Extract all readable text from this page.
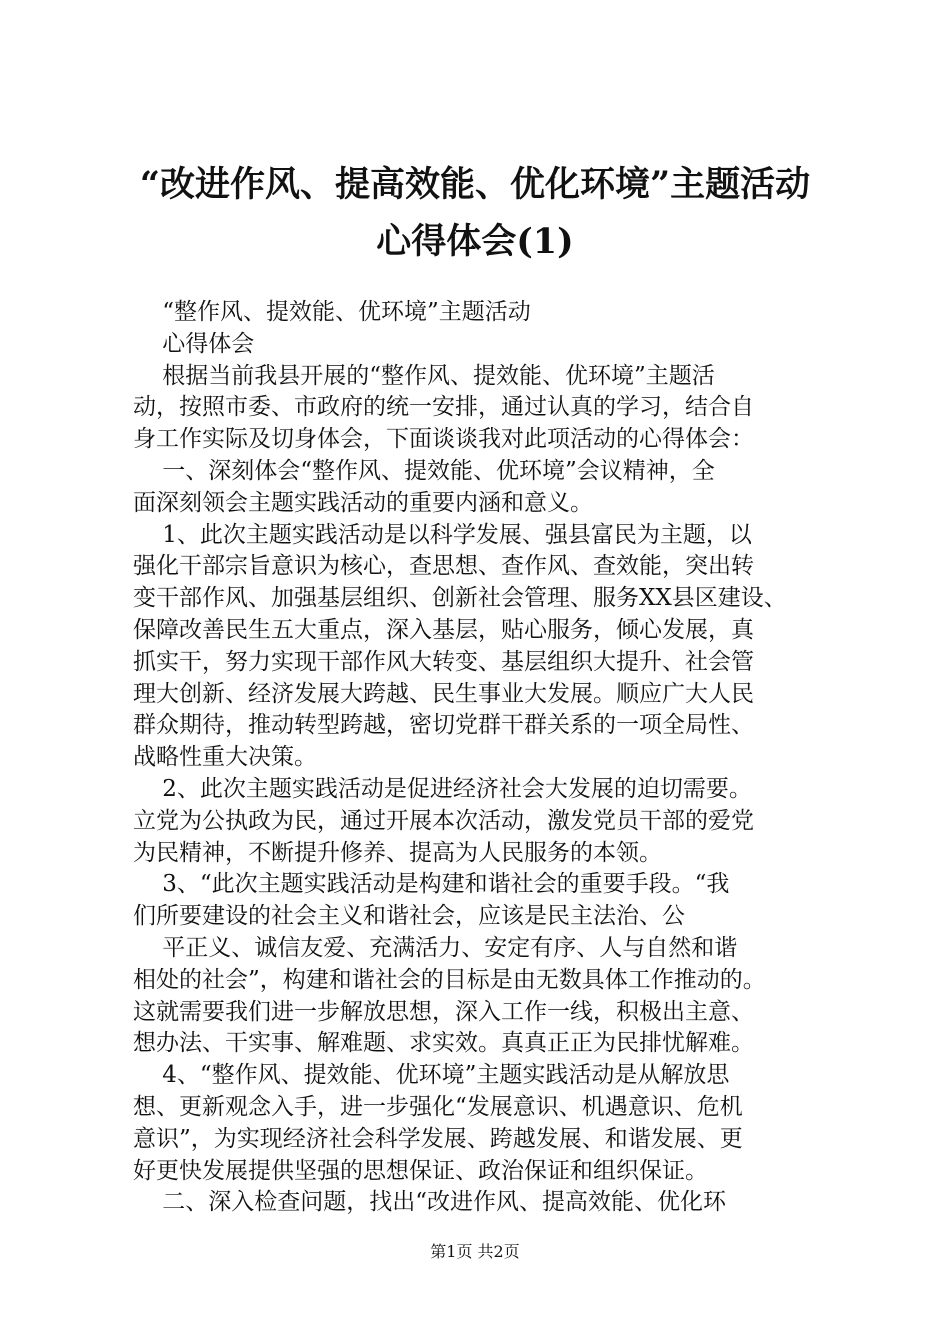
“改进作风、提高效能、优化环境”主题活动
心得体会(1)
“整作风、提效能、优环境”主题活动
心得体会
根据当前我县开展的“整作风、提效能、优环境”主题活
动，按照市委、市政府的统一安排，通过认真的学习，结合自
身工作实际及切身体会，下面谈谈我对此项活动的心得体会：
一、深刻体会“整作风、提效能、优环境”会议精神，全
面深刻领会主题实践活动的重要内涵和意义。
1、此次主题实践活动是以科学发展、强县富民为主题，以
强化干部宗旨意识为核心，查思想、查作风、查效能，突出转
变干部作风、加强基层组织、创新社会管理、服务XX县区建设、
保障改善民生五大重点，深入基层，贴心服务，倾心发展，真
抓实干，努力实现干部作风大转变、基层组织大提升、社会管
理大创新、经济发展大跨越、民生事业大发展。顺应广大人民
群众期待，推动转型跨越，密切党群干群关系的一项全局性、
战略性重大决策。
2、此次主题实践活动是促进经济社会大发展的迫切需要。
立党为公执政为民，通过开展本次活动，激发党员干部的爱党
为民精神，不断提升修养、提高为人民服务的本领。
3、“此次主题实践活动是构建和谐社会的重要手段。“我
们所要建设的社会主义和谐社会，应该是民主法治、公
平正义、诚信友爱、充满活力、安定有序、人与自然和谐
相处的社会”，构建和谐社会的目标是由无数具体工作推动的。
这就需要我们进一步解放思想，深入工作一线，积极出主意、
想办法、干实事、解难题、求实效。真真正正为民排忧解难。
4、“整作风、提效能、优环境”主题实践活动是从解放思
想、更新观念入手，进一步强化“发展意识、机遇意识、危机
意识”，为实现经济社会科学发展、跨越发展、和谐发展、更
好更快发展提供坚强的思想保证、政治保证和组织保证。
二、深入检查问题，找出“改进作风、提高效能、优化环
第1页 共2页
